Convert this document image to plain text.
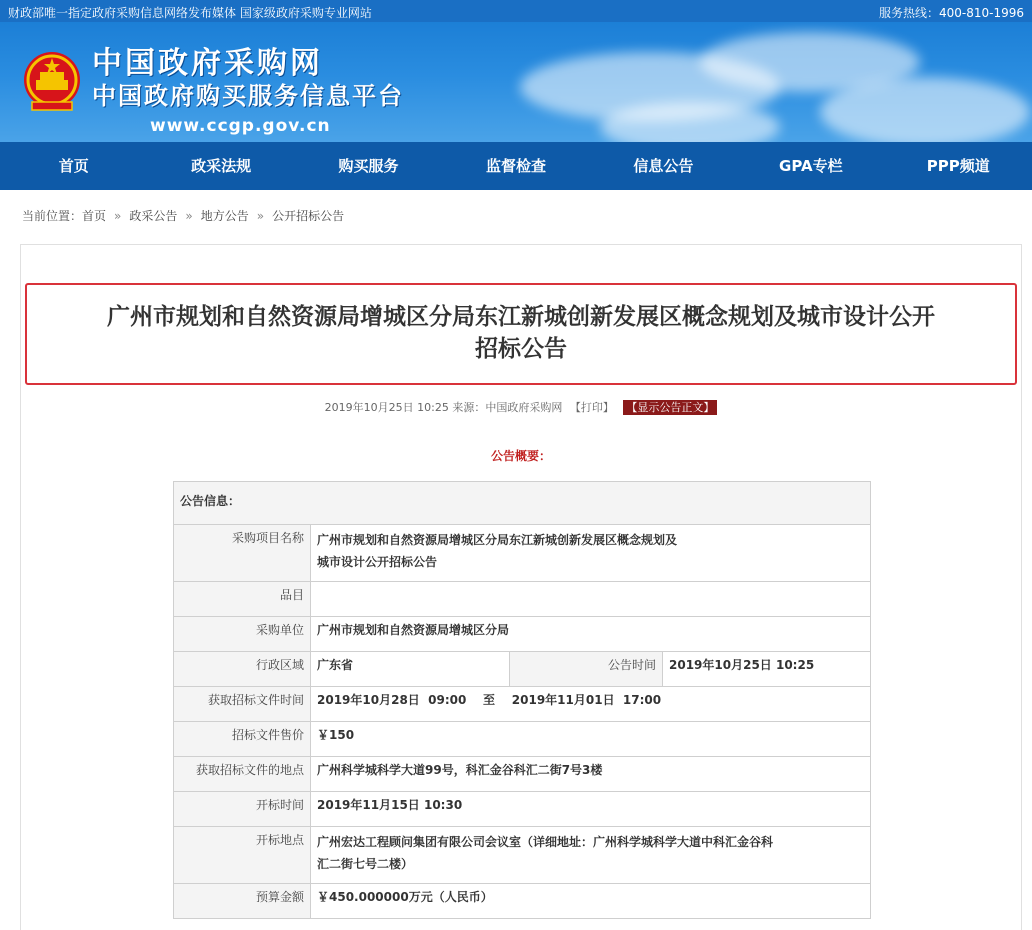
财政部唯一指定政府采购信息网络发布媒体 国家级政府采购专业网站	服务热线：400-810-1996
中国政府采购网
中国政府购买服务信息平台
www.ccgp.gov.cn
首页	政采法规	购买服务	监督检查	信息公告	GPA专栏	PPP频道
当前位置：首页 » 政采公告 » 地方公告 » 公开招标公告
广州市规划和自然资源局增城区分局东江新城创新发展区概念规划及城市设计公开
招标公告
2019年10月25日 10:25 来源：中国政府采购网 【打印】 【显示公告正文】
公告概要：
公告信息：			
采购项目名称	广州市规划和自然资源局增城区分局东江新城创新发展区概念规划及
城市设计公开招标公告		

品目			
采购单位	广州市规划和自然资源局增城区分局		
行政区域	广东省	公告时间	2019年10月25日 10:25
获取招标文件时间	2019年10月28日  09:00    至    2019年11月01日  17:00		
招标文件售价	￥150		
获取招标文件的地点	广州科学城科学大道99号，科汇金谷科汇二街7号3楼		
开标时间	2019年11月15日 10:30		
开标地点	广州宏达工程顾问集团有限公司会议室（详细地址：广州科学城科学大道中科汇金谷科
汇二街七号二楼）		

预算金额	￥450.000000万元（人民币）		
